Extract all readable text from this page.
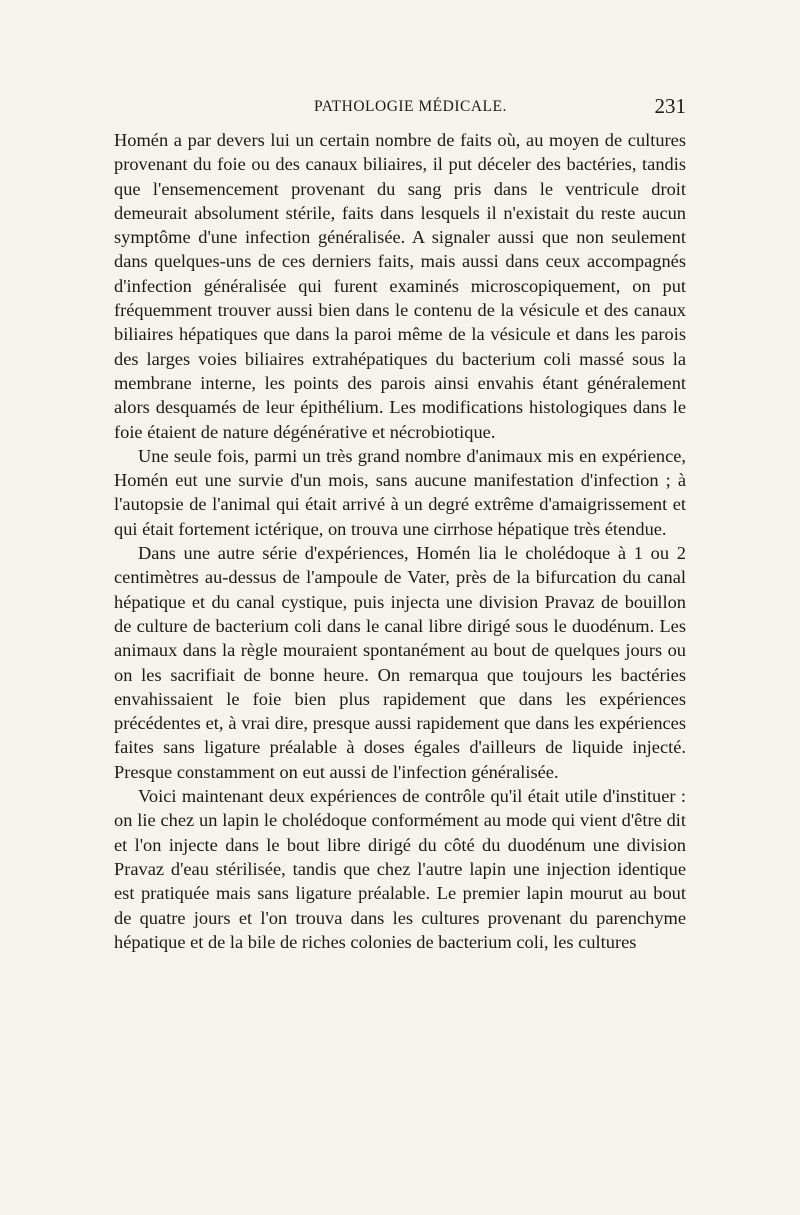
PATHOLOGIE MÉDICALE.	231

Homén a par devers lui un certain nombre de faits où, au moyen de cultures provenant du foie ou des canaux biliaires, il put déceler des bactéries, tandis que l'ensemencement provenant du sang pris dans le ventricule droit demeurait absolument stérile, faits dans lesquels il n'existait du reste aucun symptôme d'une infection généralisée. A signaler aussi que non seulement dans quelques-uns de ces derniers faits, mais aussi dans ceux accompagnés d'infection généralisée qui furent examinés microscopiquement, on put fréquemment trouver aussi bien dans le contenu de la vésicule et des canaux biliaires hépatiques que dans la paroi même de la vésicule et dans les parois des larges voies biliaires extrahépatiques du bacterium coli massé sous la membrane interne, les points des parois ainsi envahis étant généralement alors desquamés de leur épithélium. Les modifications histologiques dans le foie étaient de nature dégénérative et nécrobiotique.

Une seule fois, parmi un très grand nombre d'animaux mis en expérience, Homén eut une survie d'un mois, sans aucune manifestation d'infection ; à l'autopsie de l'animal qui était arrivé à un degré extrême d'amaigrissement et qui était fortement ictérique, on trouva une cirrhose hépatique très étendue.

Dans une autre série d'expériences, Homén lia le cholédoque à 1 ou 2 centimètres au-dessus de l'ampoule de Vater, près de la bifurcation du canal hépatique et du canal cystique, puis injecta une division Pravaz de bouillon de culture de bacterium coli dans le canal libre dirigé sous le duodénum. Les animaux dans la règle mouraient spontanément au bout de quelques jours ou on les sacrifiait de bonne heure. On remarqua que toujours les bactéries envahissaient le foie bien plus rapidement que dans les expériences précédentes et, à vrai dire, presque aussi rapidement que dans les expériences faites sans ligature préalable à doses égales d'ailleurs de liquide injecté. Presque constamment on eut aussi de l'infection généralisée.

Voici maintenant deux expériences de contrôle qu'il était utile d'instituer : on lie chez un lapin le cholédoque conformément au mode qui vient d'être dit et l'on injecte dans le bout libre dirigé du côté du duodénum une division Pravaz d'eau stérilisée, tandis que chez l'autre lapin une injection identique est pratiquée mais sans ligature préalable. Le premier lapin mourut au bout de quatre jours et l'on trouva dans les cultures provenant du parenchyme hépatique et de la bile de riches colonies de bacterium coli, les cultures
